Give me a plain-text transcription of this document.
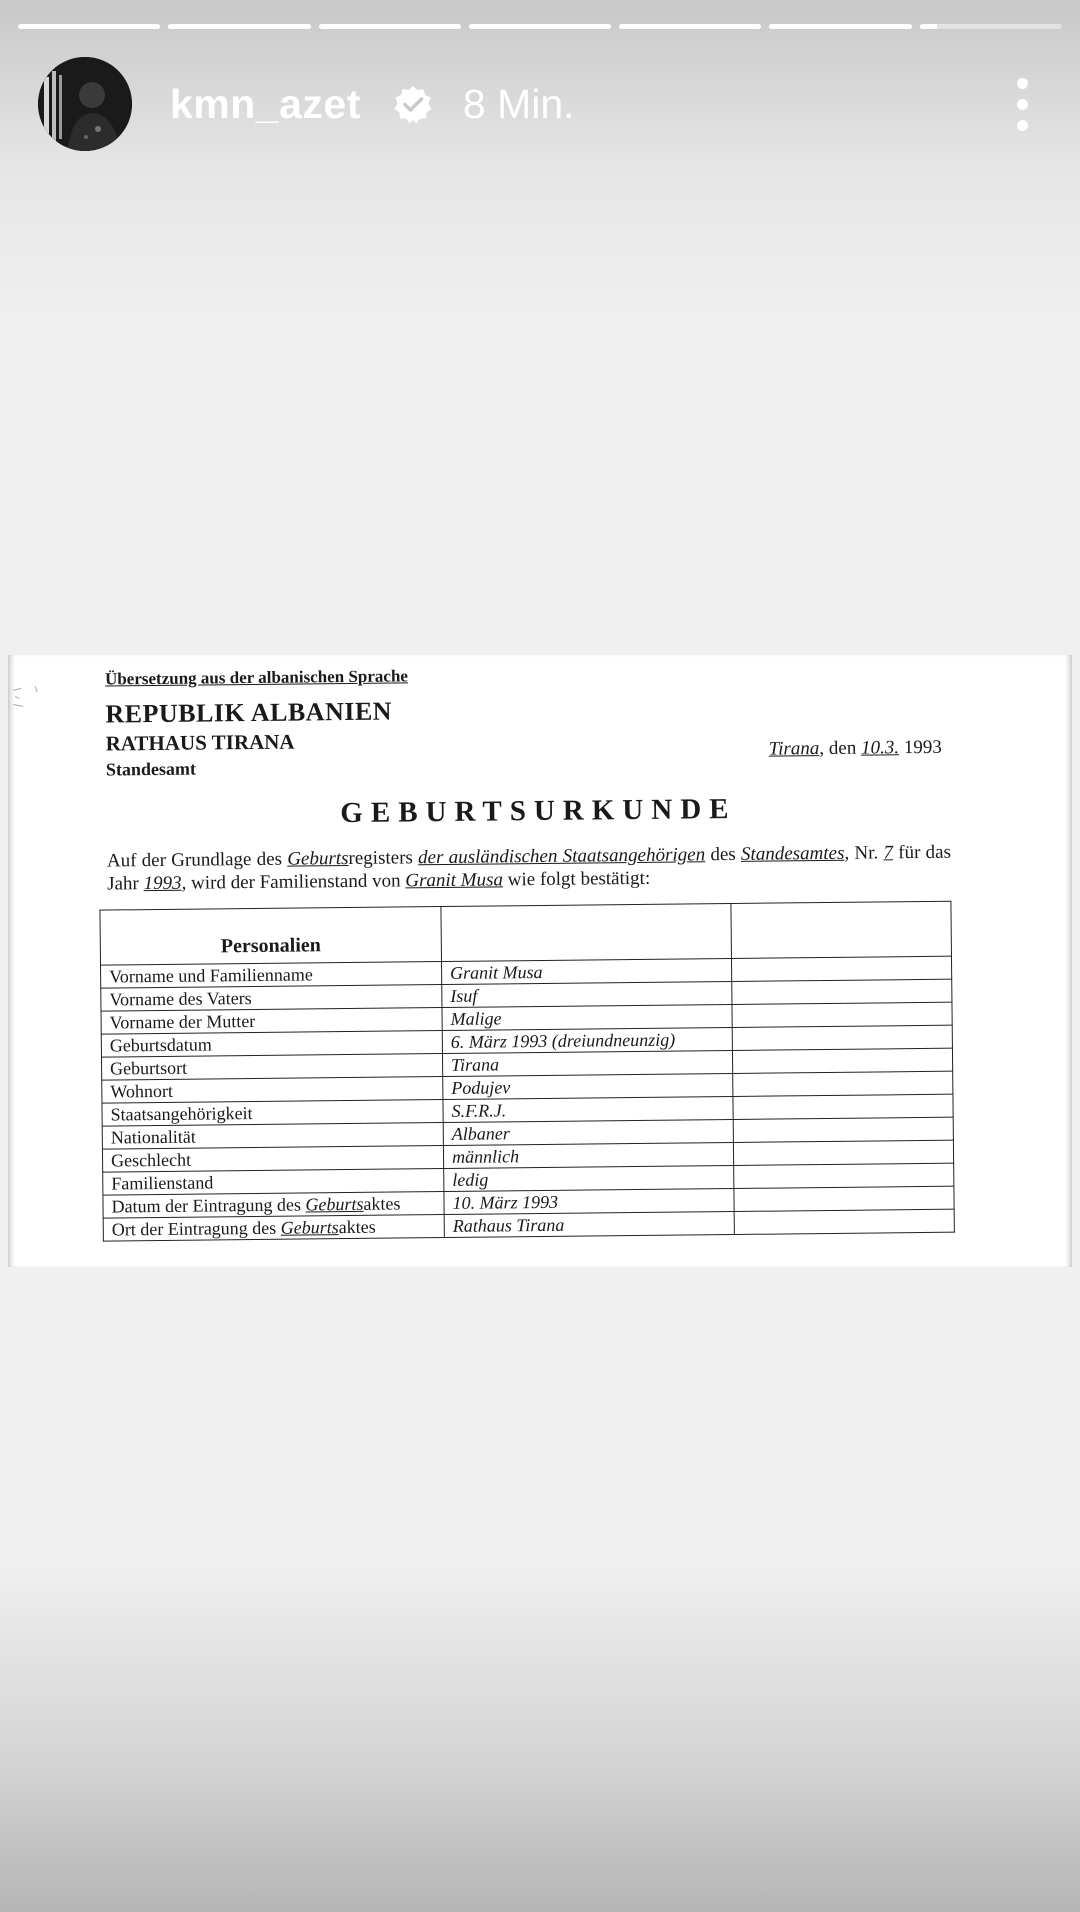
kmn_azet 8 Min.
Übersetzung aus der albanischen Sprache
REPUBLIK ALBANIEN
RATHAUS TIRANA
Standesamt
Tirana, den 10.3. 1993
GEBURTSURKUNDE
Auf der Grundlage des Geburtsregisters der ausländischen Staatsangehörigen des Standesamtes, Nr. 7 für das Jahr 1993, wird der Familienstand von Granit Musa wie folgt bestätigt:
Personalien		
Vorname und Familienname	Granit Musa	
Vorname des Vaters	Isuf	
Vorname der Mutter	Malige	
Geburtsdatum	6. März 1993 (dreiundneunzig)	
Geburtsort	Tirana	
Wohnort	Podujev	
Staatsangehörigkeit	S.F.R.J.	
Nationalität	Albaner	
Geschlecht	männlich	
Familienstand	ledig	
Datum der Eintragung des Geburtsaktes	10. März 1993	
Ort der Eintragung des Geburtsaktes	Rathaus Tirana	
